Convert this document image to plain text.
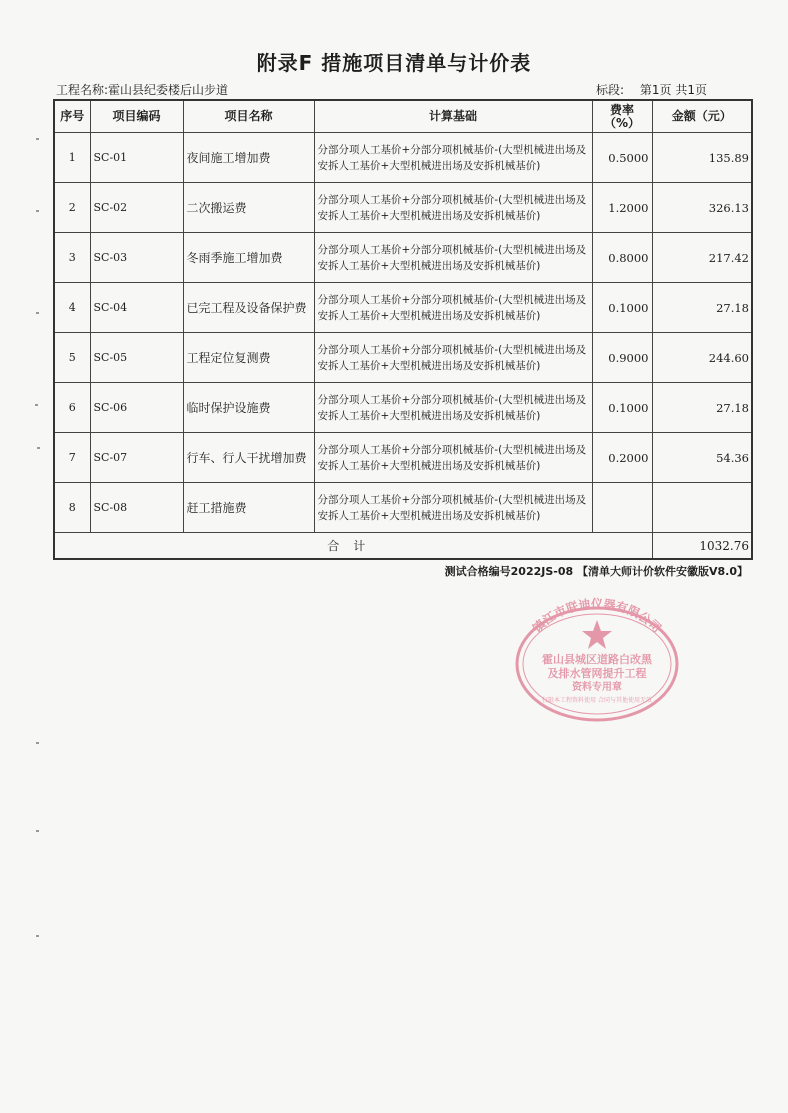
附录F 措施项目清单与计价表
工程名称:霍山县纪委楼后山步道	标段: 第1页 共1页
序号	项目编码	项目名称	计算基础	费率（%）	金额（元）
1	SC-01	夜间施工增加费	分部分项人工基价+分部分项机械基价-(大型机械进出场及安拆人工基价+大型机械进出场及安拆机械基价)	0.5000	135.89
2	SC-02	二次搬运费	分部分项人工基价+分部分项机械基价-(大型机械进出场及安拆人工基价+大型机械进出场及安拆机械基价)	1.2000	326.13
3	SC-03	冬雨季施工增加费	分部分项人工基价+分部分项机械基价-(大型机械进出场及安拆人工基价+大型机械进出场及安拆机械基价)	0.8000	217.42
4	SC-04	已完工程及设备保护费	分部分项人工基价+分部分项机械基价-(大型机械进出场及安拆人工基价+大型机械进出场及安拆机械基价)	0.1000	27.18
5	SC-05	工程定位复测费	分部分项人工基价+分部分项机械基价-(大型机械进出场及安拆人工基价+大型机械进出场及安拆机械基价)	0.9000	244.60
6	SC-06	临时保护设施费	分部分项人工基价+分部分项机械基价-(大型机械进出场及安拆人工基价+大型机械进出场及安拆机械基价)	0.1000	27.18
7	SC-07	行车、行人干扰增加费	分部分项人工基价+分部分项机械基价-(大型机械进出场及安拆人工基价+大型机械进出场及安拆机械基价)	0.2000	54.36
8	SC-08	赶工措施费	分部分项人工基价+分部分项机械基价-(大型机械进出场及安拆人工基价+大型机械进出场及安拆机械基价)		
合计					1032.76
测试合格编号2022JS-08 【清单大师计价软件安徽版V8.0】
镇江市联迪仪器有限公司
霍山县城区道路白改黑
及排水管网提升工程
资料专用章
仅限本工程资料使用 合同与其他使用无效
